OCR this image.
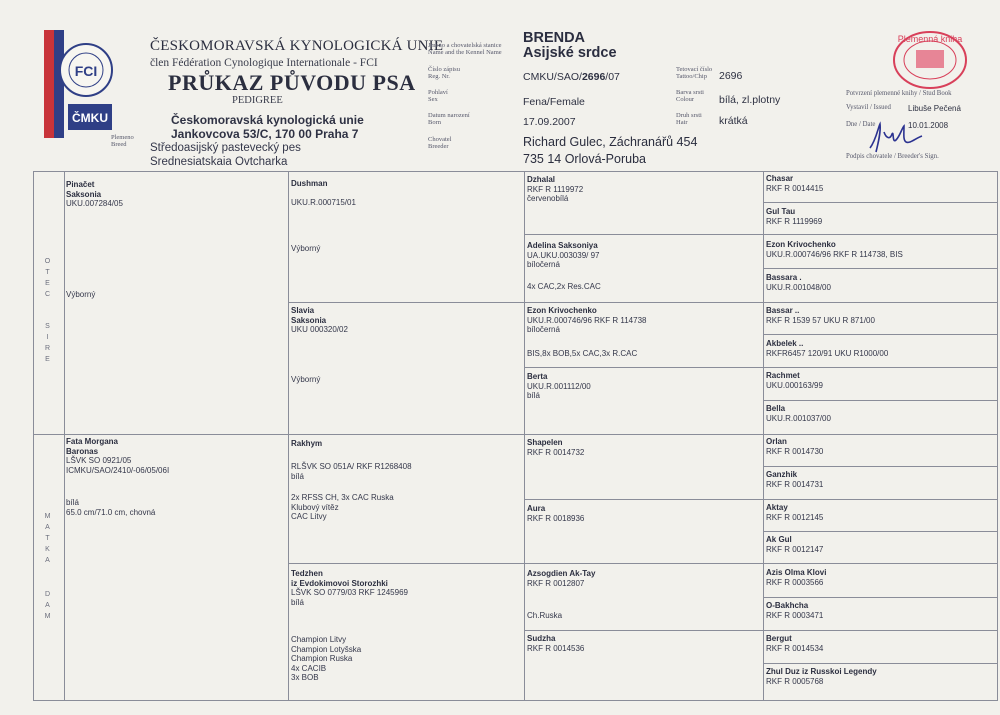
FCI
ČMKU
ČESKOMORAVSKÁ KYNOLOGICKÁ UNIE
člen Fédération Cynologique Internationale - FCI
PRŮKAZ PŮVODU PSA
PEDIGREE
Českomoravská kynologická unie
Jankovcova 53/C, 170 00 Praha 7
Plemeno
Breed	Středoasijský pastevecký pes
Srednesiatskaia Ovtcharka
Jméno a chovatelská stanice
Name and the Kennel Name
Číslo zápisu
Reg. Nr.
Pohlaví
Sex
Datum narození
Born
Chovatel
Breeder
Tetovací číslo
Tattoo/Chip
Barva srsti
Colour
Druh srsti
Hair
BRENDA
Asijské srdce
CMKU/SAO/2696/07
Fena/Female
17.09.2007
Richard Gulec, Záchranářů 454
735 14 Orlová-Poruba
2696
bílá, zl.plotny
krátká
Plemenná kniha
Potvrzení plemenné knihy / Stud Book
Vystavil / Issued Libuše Pečená
Dne / Date	10.01.2008
Podpis chovatele / Breeder's Sign.
OTEC
SIRE
MATKA
DAM
Pinačet
Saksonia
UKU.007284/05
Výborný
Fata Morgana
Baronas
LŠVK SO 0921/05
ICMKU/SAO/2410/-06/05/06I
bílá
65.0 cm/71.0 cm, chovná
Dushman
UKU.R.000715/01
Výborný
Slavia
Saksonia
UKU 000320/02
Výborný
Rakhym
RLŠVK SO 051A/ RKF R1268408
bílá
2x RFSS CH, 3x CAC Ruska
Klubový vítěz
CAC Litvy
Tedzhen
iz Evdokimovoi Storozhki
LŠVK SO 0779/03 RKF 1245969
bílá
Champion Litvy
Champion Lotyšska
Champion Ruska
4x CACIB
3x BOB
Dzhalal
RKF R 1119972
červenobílá
Adelina Saksoniya
UA.UKU.003039/ 97
bíločerná
4x CAC,2x Res.CAC
Ezon Krivochenko
UKU.R.000746/96 RKF R 114738
bíločerná
BIS,8x BOB,5x CAC,3x R.CAC
Berta
UKU.R.001112/00
bílá
Shapelen
RKF R 0014732
Aura
RKF R 0018936
Azsogdien Ak-Tay
RKF R 0012807
Ch.Ruska
Sudzha
RKF R 0014536
Chasar
RKF R 0014415
Gul Tau
RKF R 1119969
Ezon Krivochenko
UKU.R.000746/96 RKF R 114738, BIS
Bassara .
UKU.R.001048/00
Bassar ..
RKF R 1539 57 UKU R 871/00
Akbelek ..
RKFR6457 120/91 UKU R1000/00
Rachmet
UKU.000163/99
Bella
UKU.R.001037/00
Orlan
RKF R 0014730
Ganzhik
RKF R 0014731
Aktay
RKF R 0012145
Ak Gul
RKF R 0012147
Azis Olma Klovi
RKF R 0003566
O-Bakhcha
RKF R 0003471
Bergut
RKF R 0014534
Zhul Duz iz Russkoi Legendy
RKF R 0005768
